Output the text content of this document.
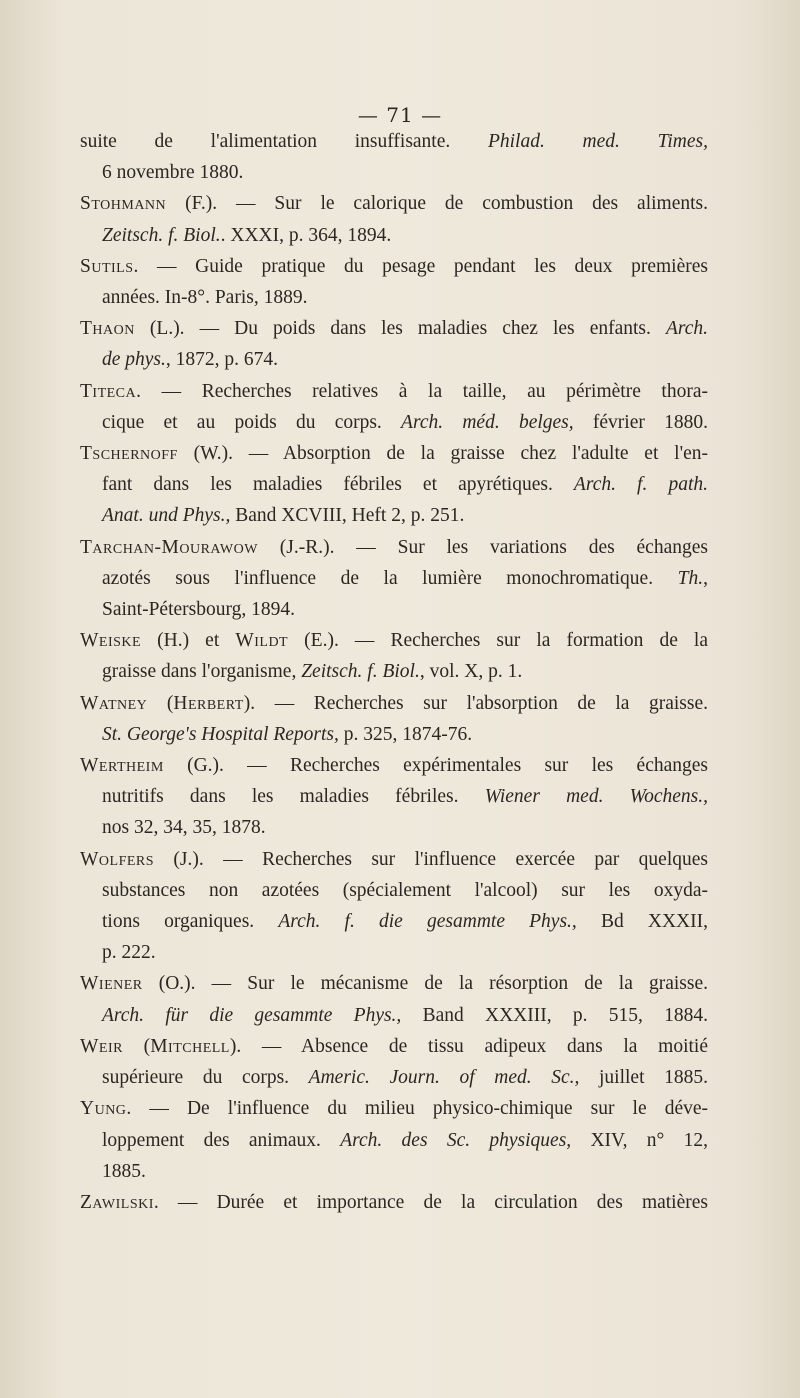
— 71 —
suite de l'alimentation insuffisante. Philad. med. Times,
6 novembre 1880.
Stohmann (F.). — Sur le calorique de combustion des aliments.
Zeitsch. f. Biol.. XXXI, p. 364, 1894.
Sutils. — Guide pratique du pesage pendant les deux premières
années. In-8°. Paris, 1889.
Thaon (L.). — Du poids dans les maladies chez les enfants. Arch.
de phys., 1872, p. 674.
Titeca. — Recherches relatives à la taille, au périmètre thora-
cique et au poids du corps. Arch. méd. belges, février 1880.
Tschernoff (W.). — Absorption de la graisse chez l'adulte et l'en-
fant dans les maladies fébriles et apyrétiques. Arch. f. path.
Anat. und Phys., Band XCVIII, Heft 2, p. 251.
Tarchan-Mourawow (J.-R.). — Sur les variations des échanges
azotés sous l'influence de la lumière monochromatique. Th.,
Saint-Pétersbourg, 1894.
Weiske (H.) et Wildt (E.). — Recherches sur la formation de la
graisse dans l'organisme, Zeitsch. f. Biol., vol. X, p. 1.
Watney (Herbert). — Recherches sur l'absorption de la graisse.
St. George's Hospital Reports, p. 325, 1874-76.
Wertheim (G.). — Recherches expérimentales sur les échanges
nutritifs dans les maladies fébriles. Wiener med. Wochens.,
nos 32, 34, 35, 1878.
Wolfers (J.). — Recherches sur l'influence exercée par quelques
substances non azotées (spécialement l'alcool) sur les oxyda-
tions organiques. Arch. f. die gesammte Phys., Bd XXXII,
p. 222.
Wiener (O.). — Sur le mécanisme de la résorption de la graisse.
Arch. für die gesammte Phys., Band XXXIII, p. 515, 1884.
Weir (Mitchell). — Absence de tissu adipeux dans la moitié
supérieure du corps. Americ. Journ. of med. Sc., juillet 1885.
Yung. — De l'influence du milieu physico-chimique sur le déve-
loppement des animaux. Arch. des Sc. physiques, XIV, n° 12,
1885.
Zawilski. — Durée et importance de la circulation des matières
